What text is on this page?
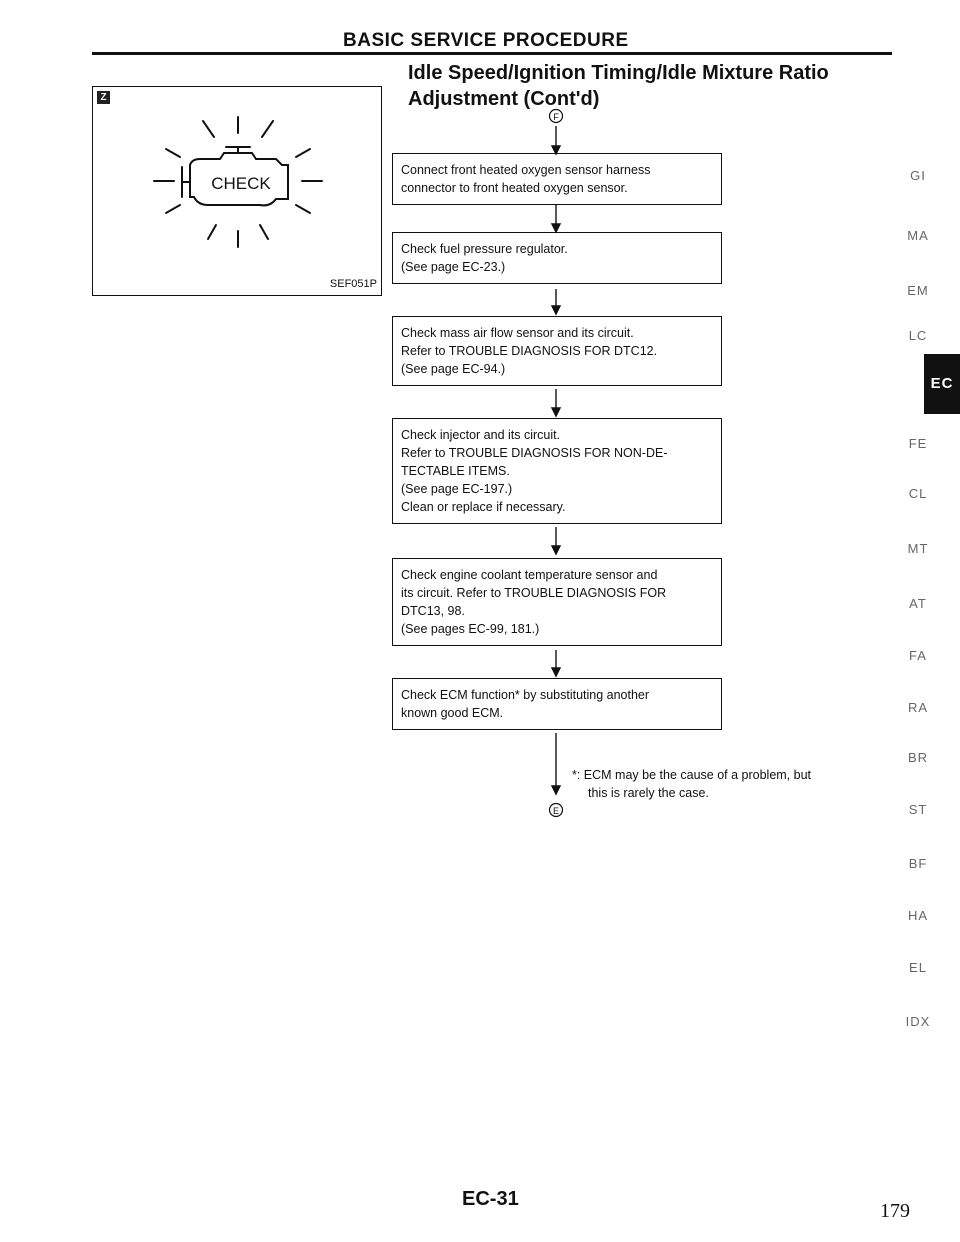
BASIC SERVICE PROCEDURE
Idle Speed/Ignition Timing/Idle Mixture Ratio
Adjustment (Cont'd)
Z
CHECK
SEF051P
F
Connect front heated oxygen sensor harness
connector to front heated oxygen sensor.
Check fuel pressure regulator.
(See page EC-23.)
Check mass air flow sensor and its circuit.
Refer to TROUBLE DIAGNOSIS FOR DTC12.
(See page EC-94.)
Check injector and its circuit.
Refer to TROUBLE DIAGNOSIS FOR NON-DE-
TECTABLE ITEMS.
(See page EC-197.)
Clean or replace if necessary.
Check engine coolant temperature sensor and
its circuit. Refer to TROUBLE DIAGNOSIS FOR
DTC13, 98.
(See pages EC-99, 181.)
Check ECM function* by substituting another
known good ECM.
*: ECM may be the cause of a problem, but
this is rarely the case.
E
GI
MA
EM
LC
EC
FE
CL
MT
AT
FA
RA
BR
ST
BF
HA
EL
IDX
EC-31
179
